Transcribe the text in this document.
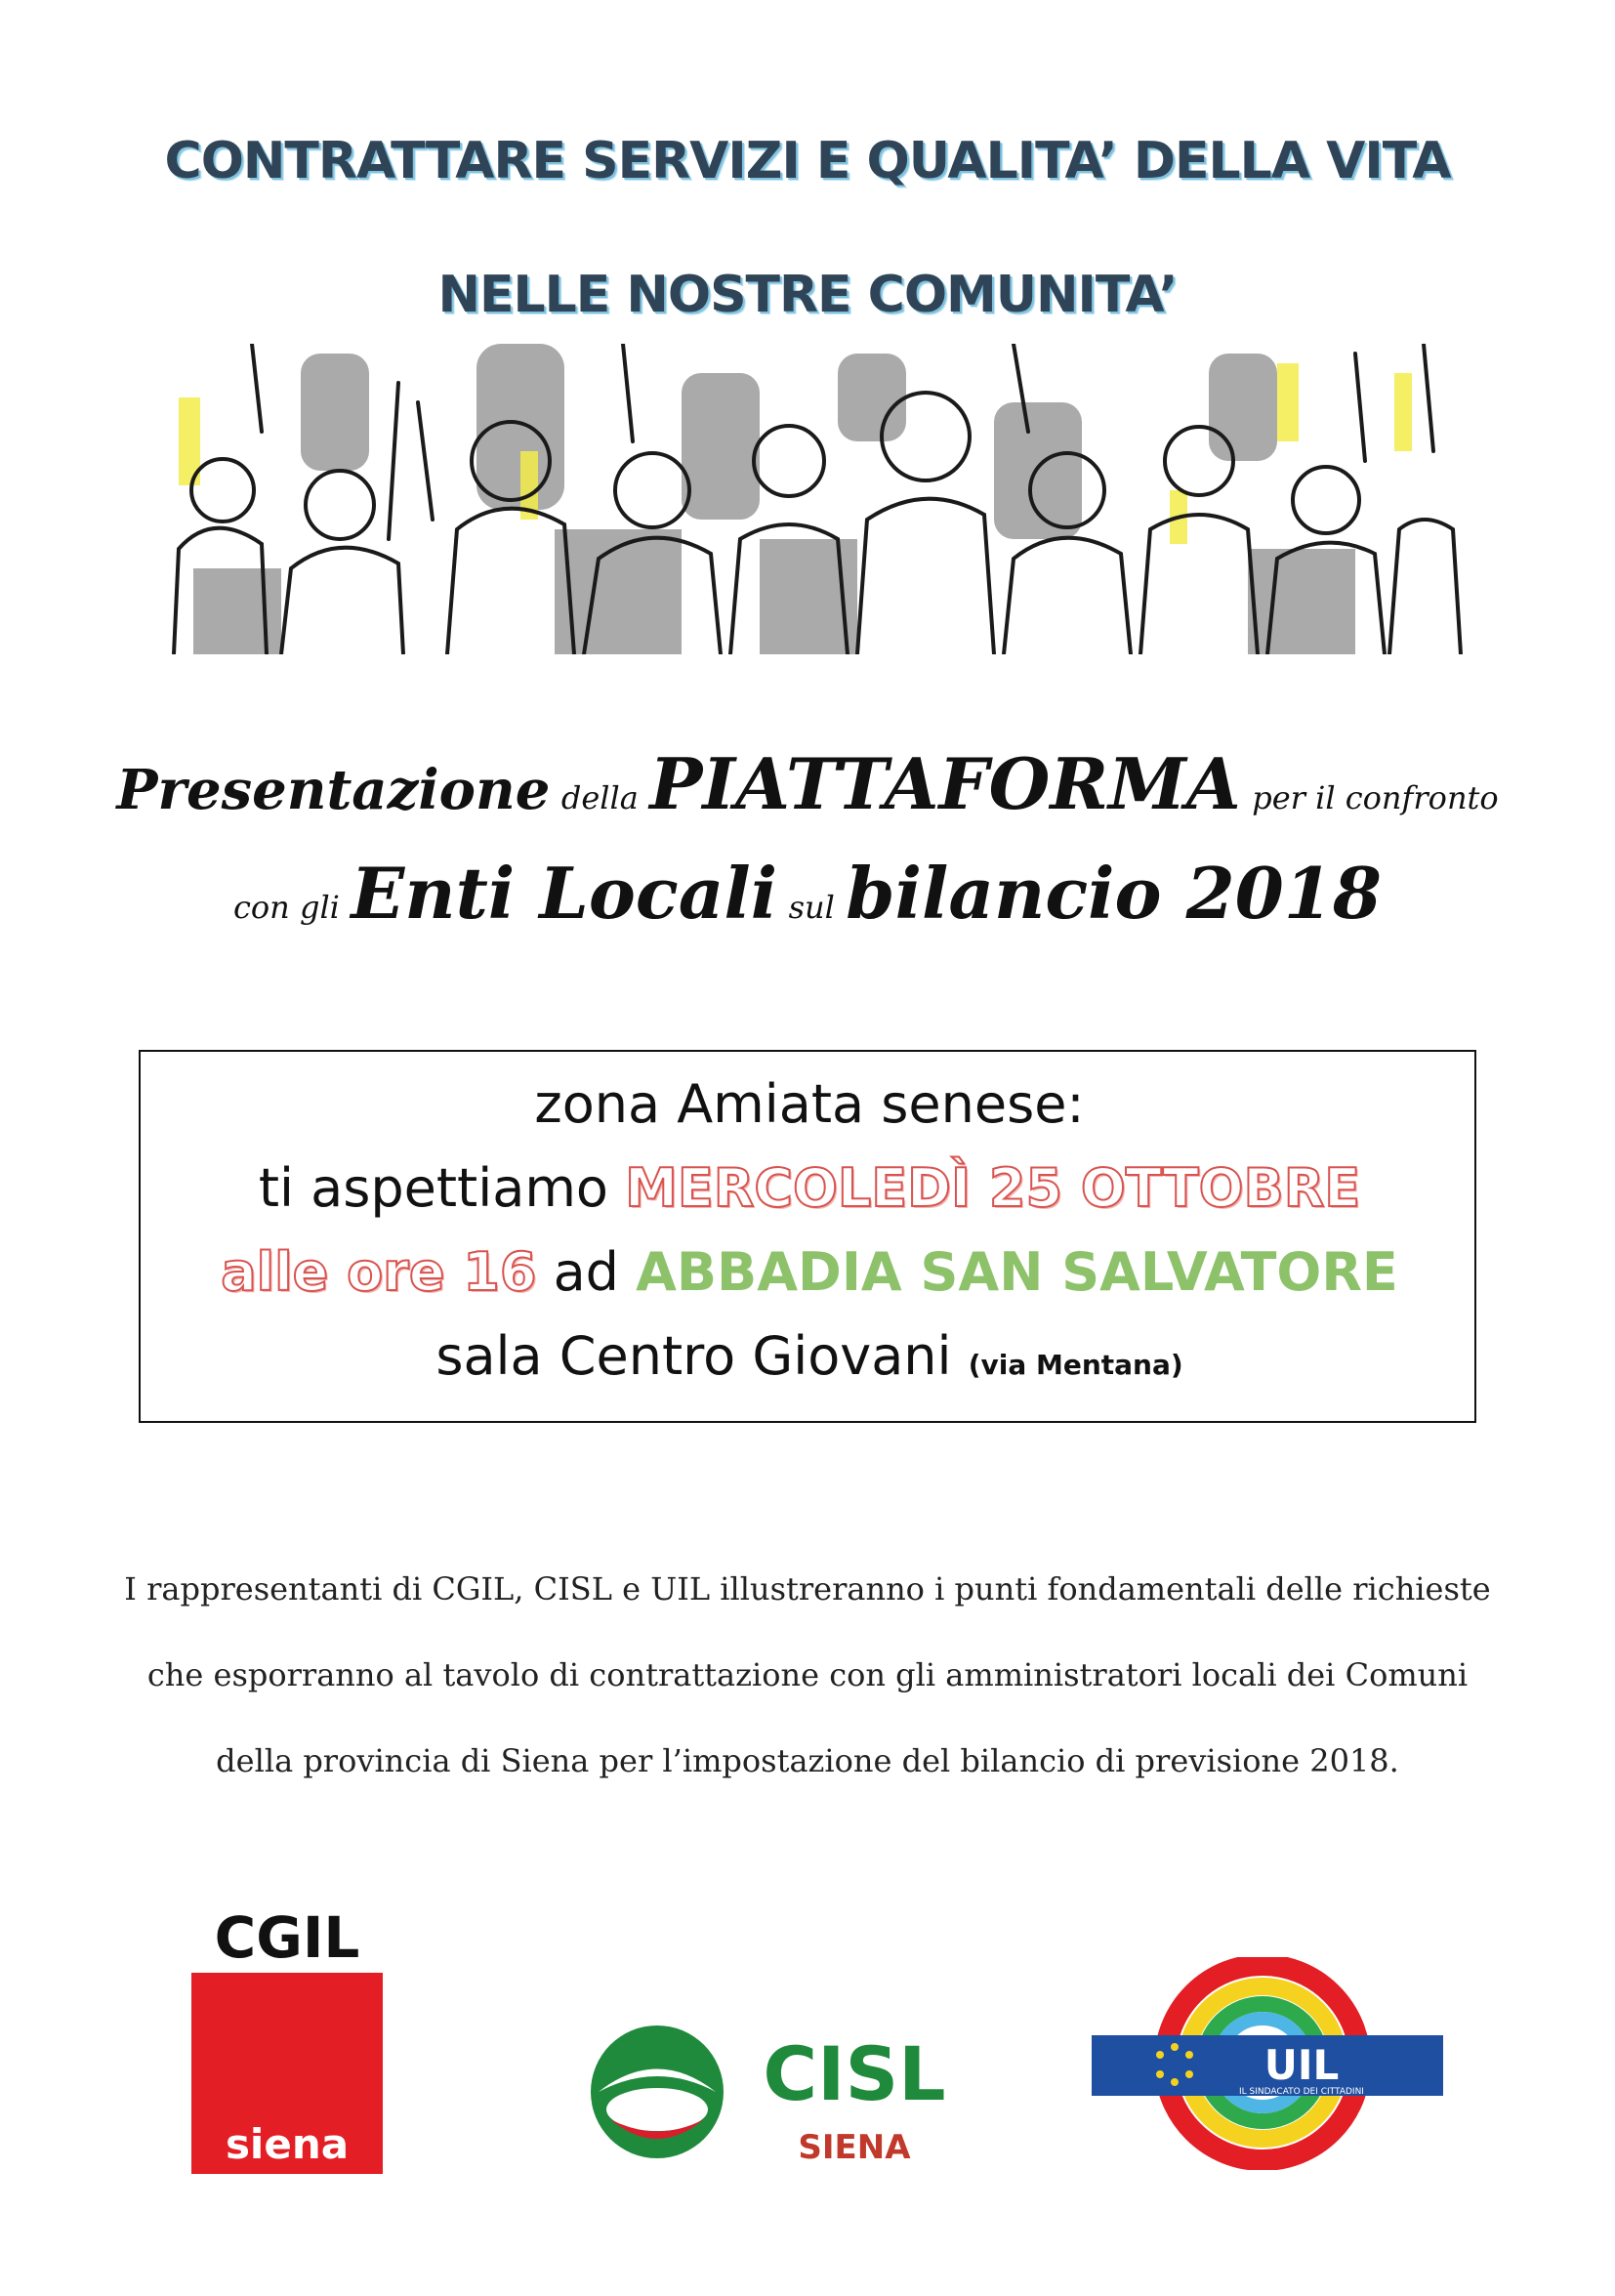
CONTRATTARE SERVIZI E QUALITA’ DELLA VITA
NELLE NOSTRE COMUNITA’
Presentazione della PIATTAFORMA per il confronto
con gli Enti Locali sul bilancio 2018
zona Amiata senese:
ti aspettiamo MERCOLEDÌ 25 OTTOBRE
alle ore 16 ad ABBADIA SAN SALVATORE
sala Centro Giovani (via Mentana)
I rappresentanti di CGIL, CISL e UIL illustreranno i punti fondamentali delle richieste
che esporranno al tavolo di contrattazione con gli amministratori locali dei Comuni
della provincia di Siena per l’impostazione del bilancio di previsione 2018.
CGIL
siena
CISL
SIENA
UIL
IL SINDACATO DEI CITTADINI
